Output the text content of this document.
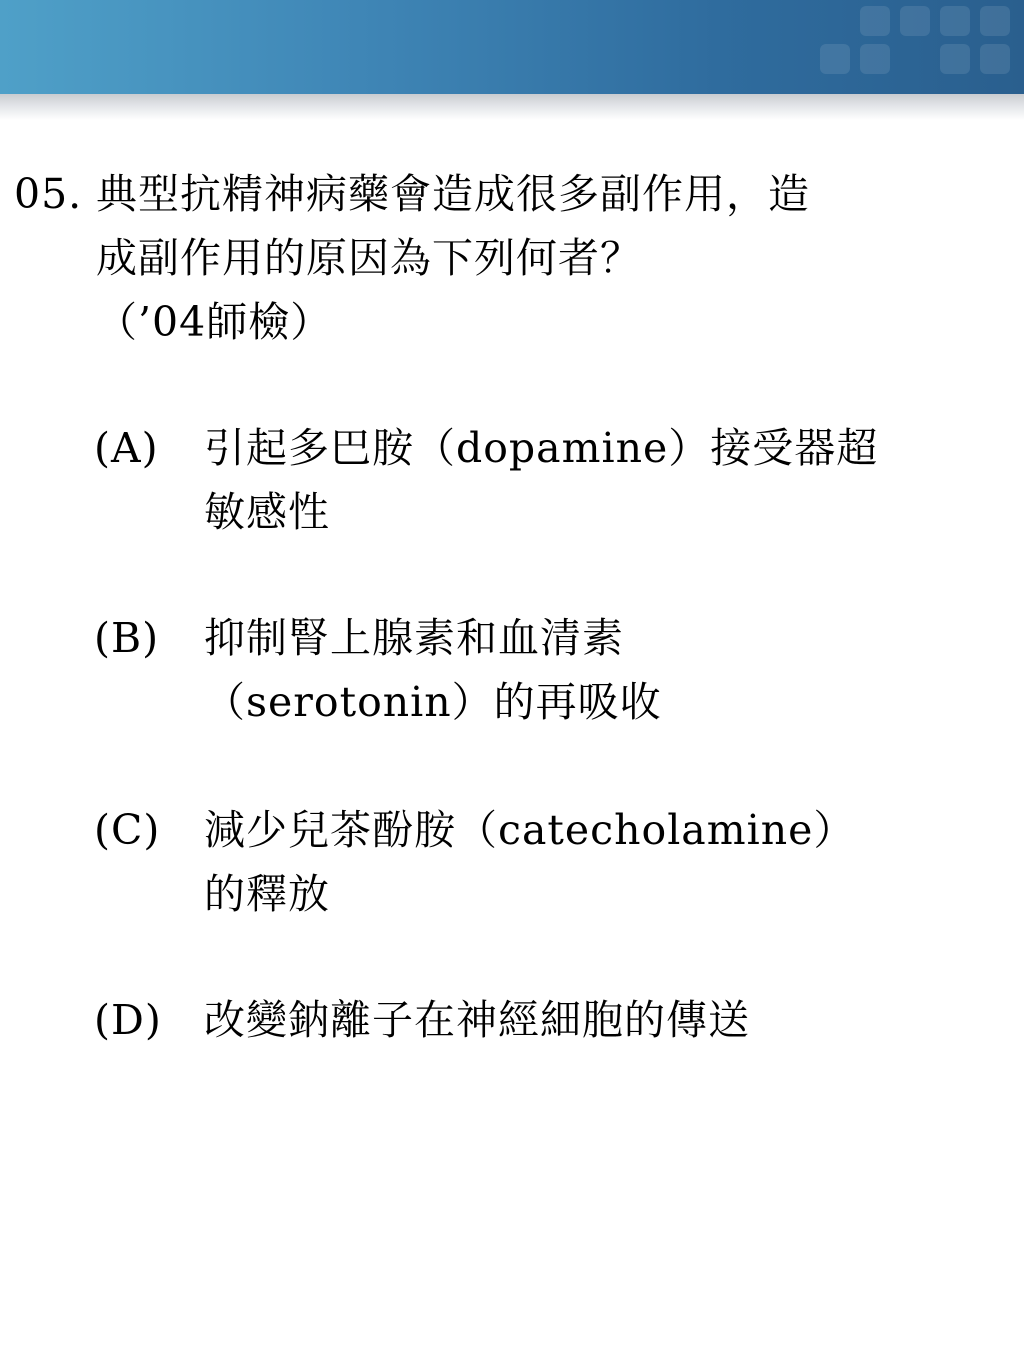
05. 典型抗精神病藥會造成很多副作用，造
成副作用的原因為下列何者？
（’04師檢）
(A) 引起多巴胺（dopamine）接受器超
敏感性
(B) 抑制腎上腺素和血清素
（serotonin）的再吸收
(C) 減少兒茶酚胺（catecholamine）
的釋放
(D) 改變鈉離子在神經細胞的傳送
